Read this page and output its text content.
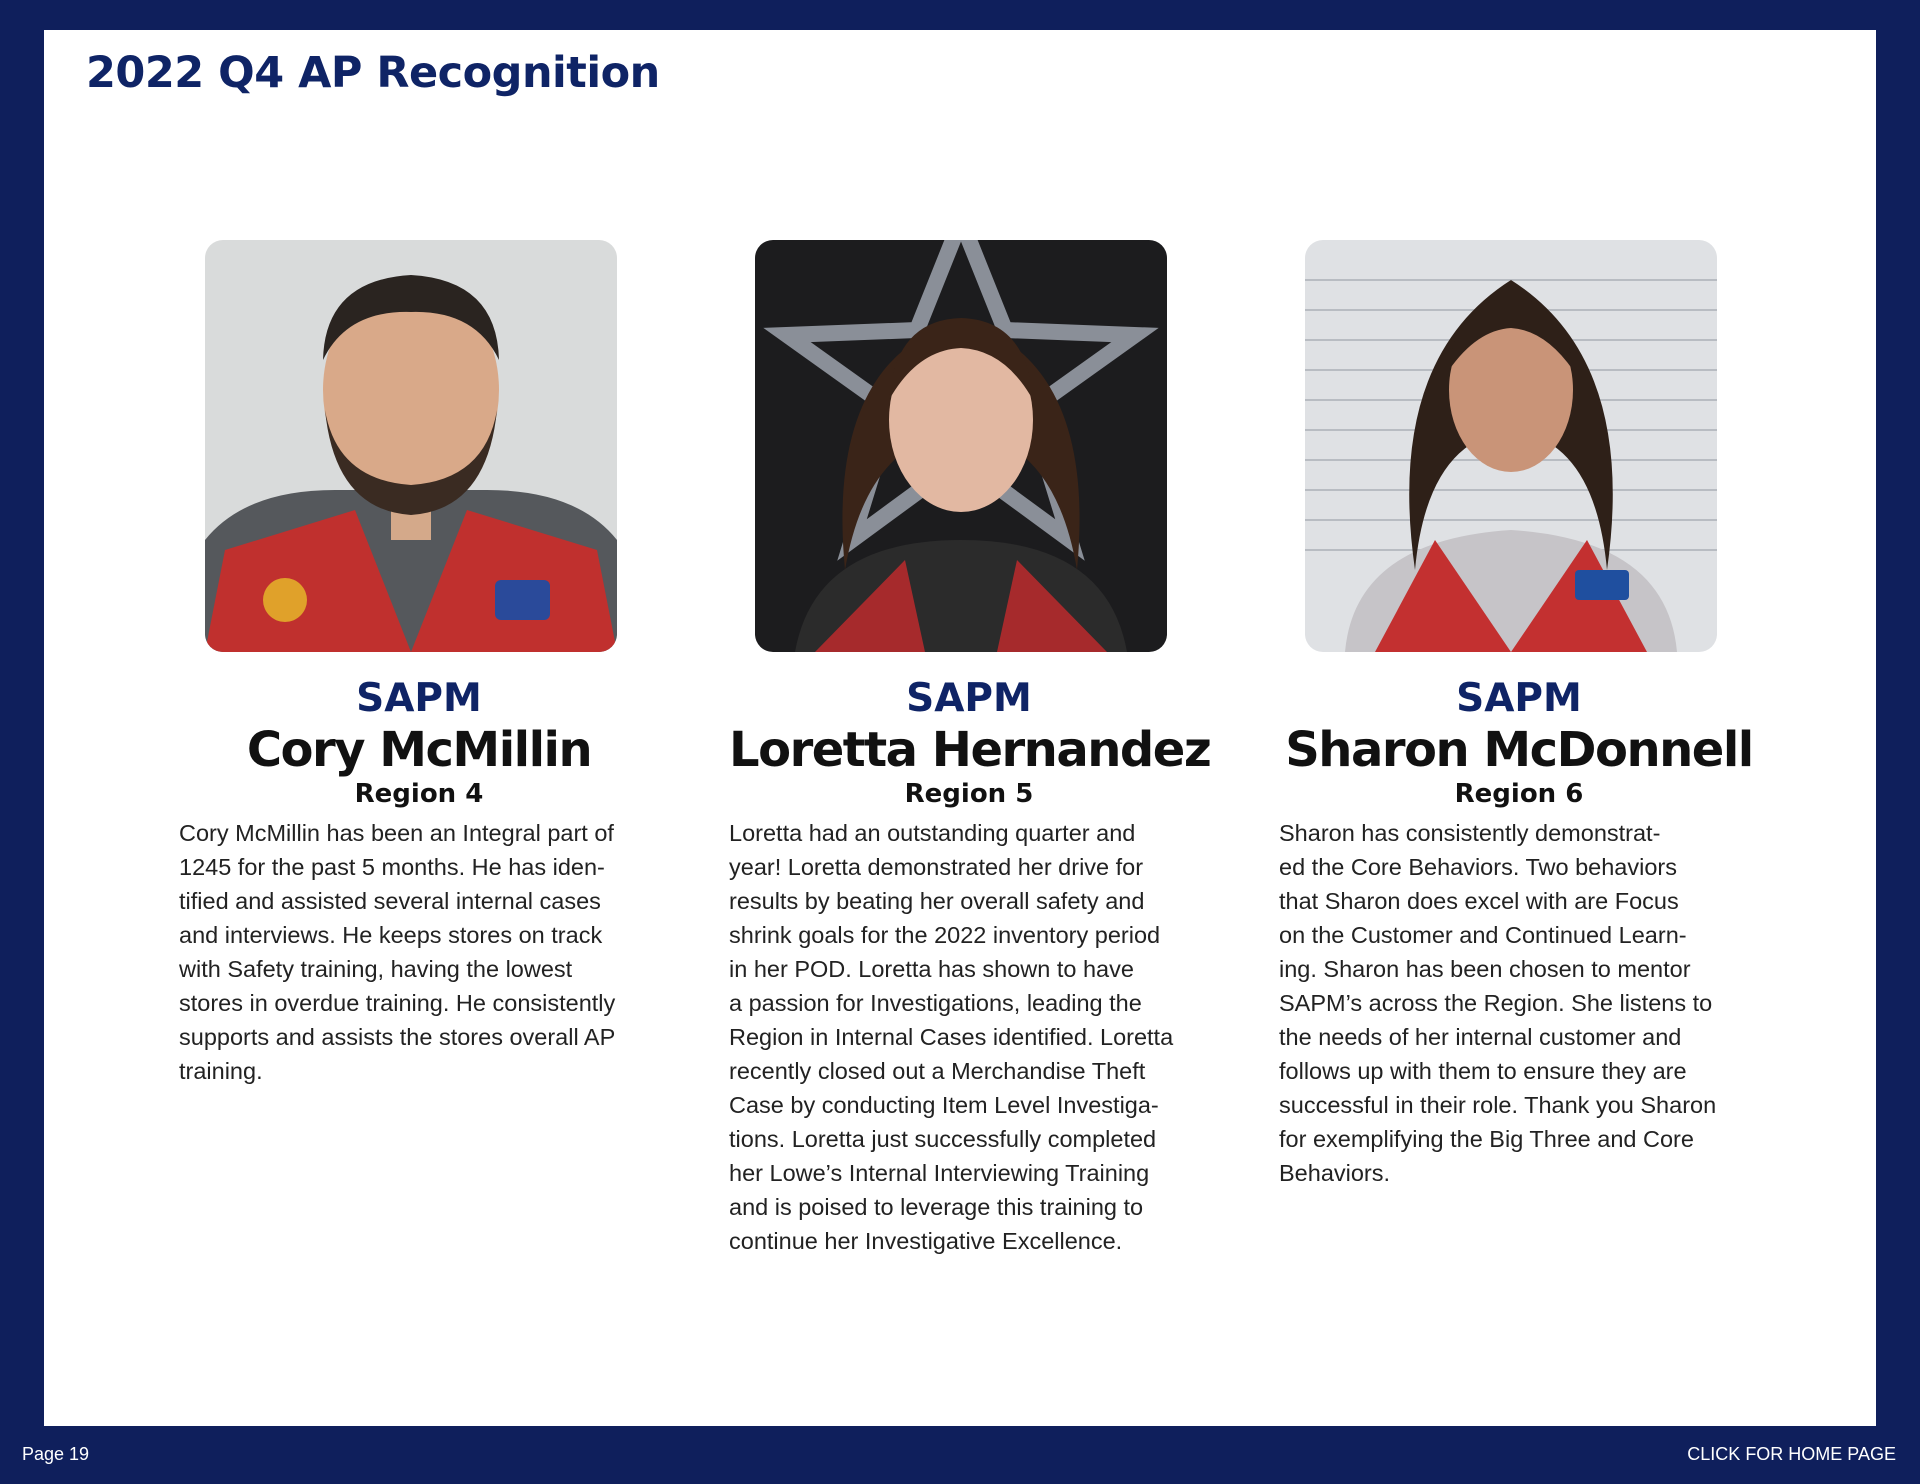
2022 Q4 AP Recognition
SAPM
Cory McMillin
Region 4

Cory McMillin has been an Integral part of
1245 for the past 5 months. He has iden-
tified and assisted several internal cases
and interviews. He keeps stores on track
with Safety training, having the lowest
stores in overdue training. He consistently
supports and assists the stores overall AP
training.

SAPM
Loretta Hernandez
Region 5

Loretta had an outstanding quarter and
year! Loretta demonstrated her drive for
results by beating her overall safety and
shrink goals for the 2022 inventory period
in her POD. Loretta has shown to have
a passion for Investigations, leading the
Region in Internal Cases identified. Loretta
recently closed out a Merchandise Theft
Case by conducting Item Level Investiga-
tions. Loretta just successfully completed
her Lowe’s Internal Interviewing Training
and is poised to leverage this training to
continue her Investigative Excellence.

SAPM
Sharon McDonnell
Region 6

Sharon has consistently demonstrat-
ed the Core Behaviors. Two behaviors
that Sharon does excel with are Focus
on the Customer and Continued Learn-
ing. Sharon has been chosen to mentor
SAPM’s across the Region. She listens to
the needs of her internal customer and
follows up with them to ensure they are
successful in their role. Thank you Sharon
for exemplifying the Big Three and Core
Behaviors.

Page 19	CLICK FOR HOME PAGE
